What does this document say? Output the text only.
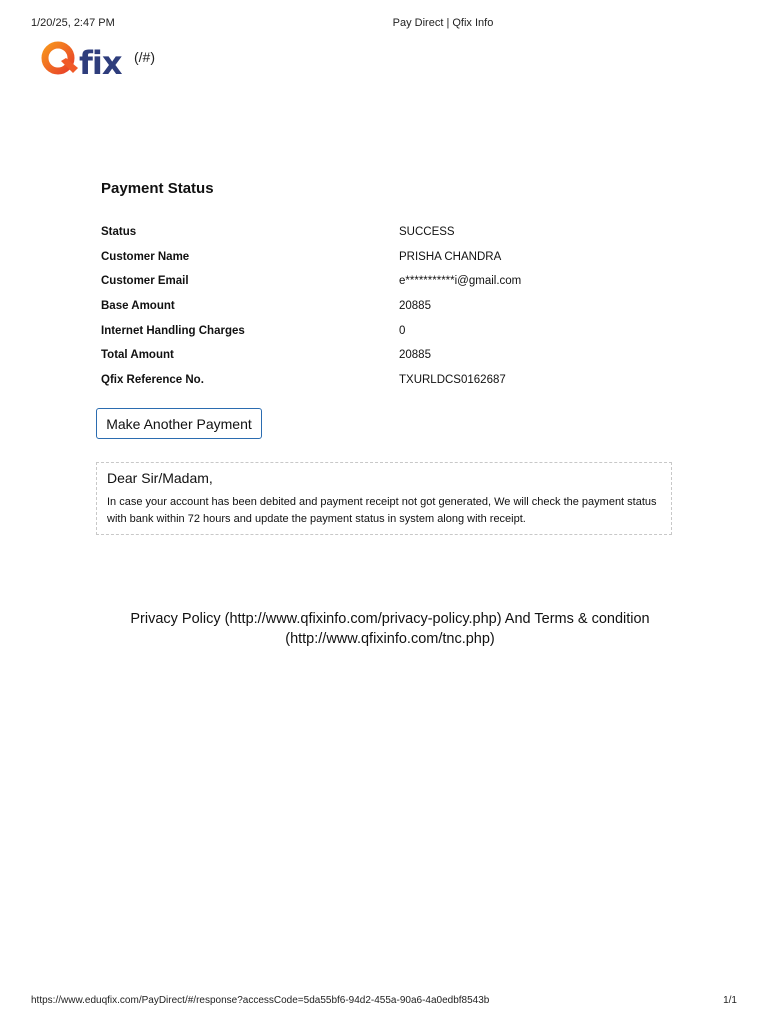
1/20/25, 2:47 PM	Pay Direct | Qfix Info
fix (/#)
Payment Status
Status	SUCCESS
Customer Name	PRISHA CHANDRA
Customer Email	e***********i@gmail.com
Base Amount	20885
Internet Handling Charges	0
Total Amount	20885
Qfix Reference No.	TXURLDCS0162687
Make Another Payment
Dear Sir/Madam,
In case your account has been debited and payment receipt not got generated, We will check the payment status with bank within 72 hours and update the payment status in system along with receipt.
Privacy Policy (http://www.qfixinfo.com/privacy-policy.php) And Terms & condition (http://www.qfixinfo.com/tnc.php)
https://www.eduqfix.com/PayDirect/#/response?accessCode=5da55bf6-94d2-455a-90a6-4a0edbf8543b	1/1
